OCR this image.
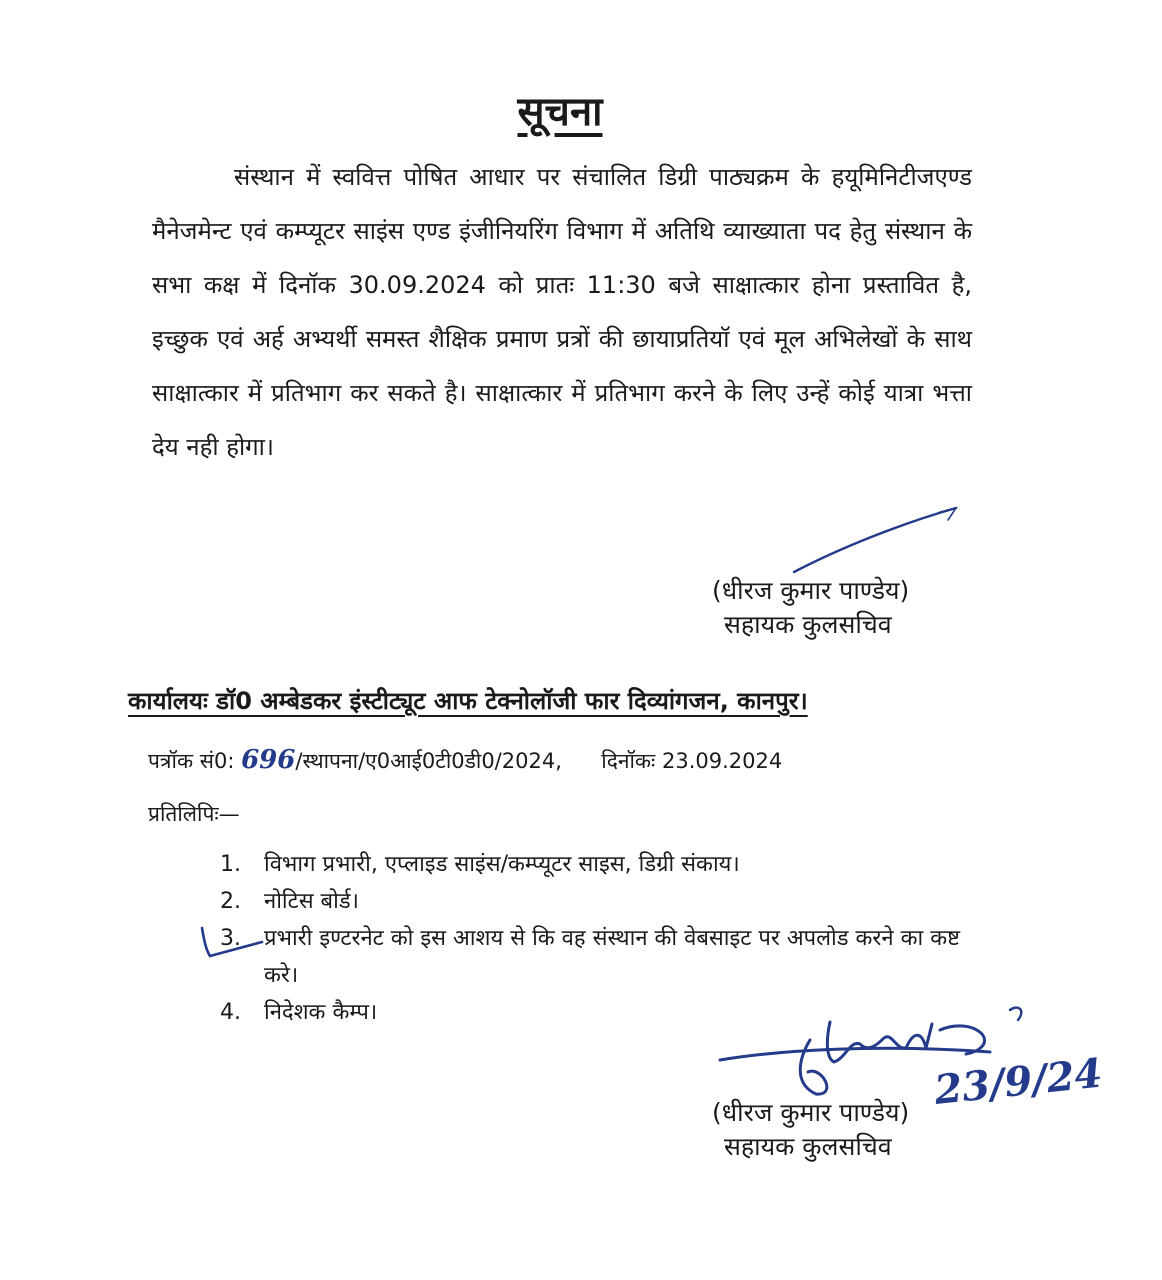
सूचना

संस्थान में स्ववित्त पोषित आधार पर संचालित डिग्री पाठ्यक्रम के हयूमिनिटीजएण्ड मैनेजमेन्ट एवं कम्प्यूटर साइंस एण्ड इंजीनियरिंग विभाग में अतिथि व्याख्याता पद हेतु संस्थान के सभा कक्ष में दिनॉक 30.09.2024 को प्रातः 11:30 बजे साक्षात्कार होना प्रस्तावित है, इच्छुक एवं अर्ह अभ्यर्थी समस्त शैक्षिक प्रमाण प्रत्रों की छायाप्रतियॉ एवं मूल अभिलेखों के साथ साक्षात्कार में प्रतिभाग कर सकते है। साक्षात्कार में प्रतिभाग करने के लिए उन्हें कोई यात्रा भत्ता देय नही होगा।

(धीरज कुमार पाण्डेय)
सहायक कुलसचिव
कार्यालयः डॉ0 अम्बेडकर इंस्टीट्यूट आफ टेक्नोलॉजी फार दिव्यांगजन, कानपुर।
पत्रॉक सं0: 696/स्थापना/ए0आई0टी0डी0/2024, दिनॉकः 23.09.2024
प्रतिलिपिः—
1.	विभाग प्रभारी, एप्लाइड साइंस/कम्प्यूटर साइस, डिग्री संकाय।
2.	नोटिस बोर्ड।
3.	प्रभारी इण्टरनेट को इस आशय से कि वह संस्थान की वेबसाइट पर अपलोड करने का कष्ट करे।
4.	निदेशक कैम्प।
23/9/24
(धीरज कुमार पाण्डेय)
सहायक कुलसचिव
